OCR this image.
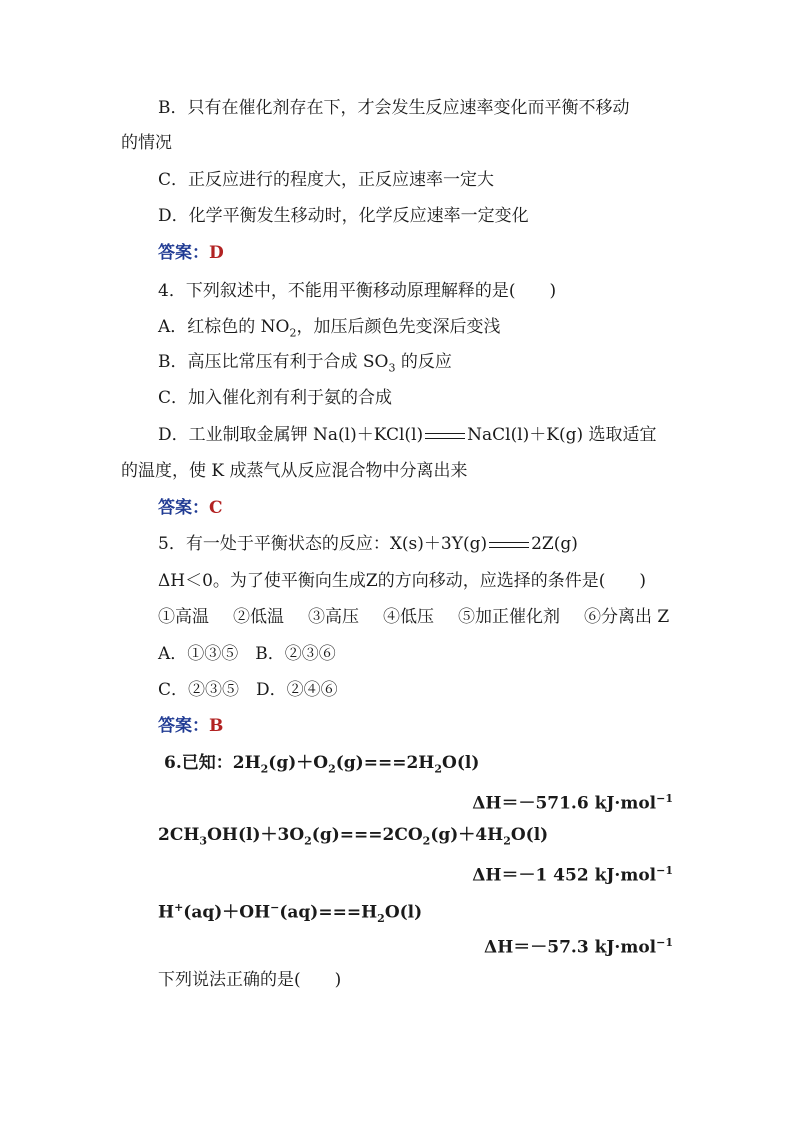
B．只有在催化剂存在下，才会发生反应速率变化而平衡不移动
的情况
C．正反应进行的程度大，正反应速率一定大
D．化学平衡发生移动时，化学反应速率一定变化
答案：D
4．下列叙述中，不能用平衡移动原理解释的是(　　)
A．红棕色的 $NO_2$，加压后颜色先变深后变浅
B．高压比常压有利于合成 $SO_3$ 的反应
C．加入催化剂有利于氨的合成
D．工业制取金属钾 Na(l)＋KCl(l)	NaCl(l)＋K(g) 选取适宜
的温度，使 K 成蒸气从反应混合物中分离出来
答案：C
5．有一处于平衡状态的反应：X(s)＋3Y(g)	2Z(g)
ΔH＜0。为了使平衡向生成Z的方向移动，应选择的条件是(　　)
①高温 ②低温 ③高压 ④低压 ⑤加正催化剂 ⑥分离出 Z
A．①③⑤　B．②③⑥
C．②③⑤　D．②④⑥
答案：B
6.已知：$2H_2(g)+O_2(g)===2H_2O(l)$
ΔH＝－571.6 kJ·mol$^{-1}$
$2CH_3OH(l)+3O_2(g)===2CO_2(g)+4H_2O(l)$
ΔH＝－1 452 kJ·mol$^{-1}$
$H^+(aq)+OH^-(aq)===H_2O(l)$
ΔH＝－57.3 kJ·mol$^{-1}$
下列说法正确的是(　　)
